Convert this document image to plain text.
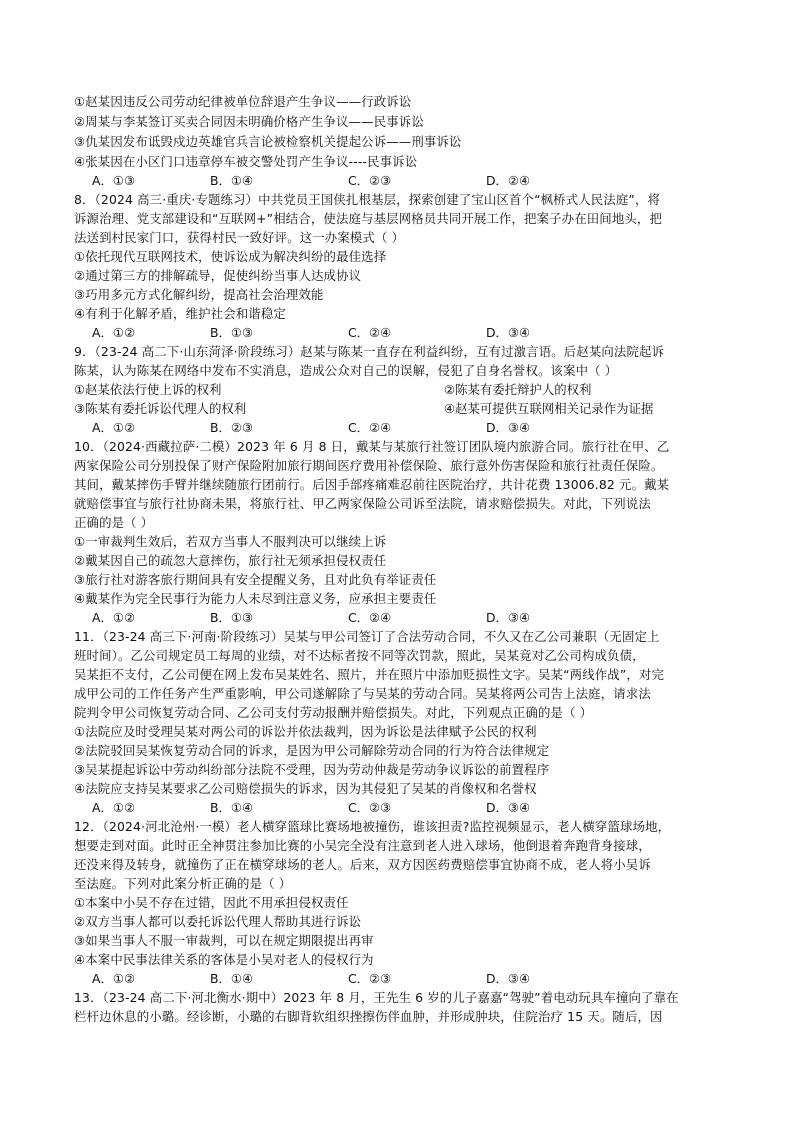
①赵某因违反公司劳动纪律被单位辞退产生争议——行政诉讼
②周某与李某签订买卖合同因未明确价格产生争议——民事诉讼
③仇某因发布诋毁戍边英雄官兵言论被检察机关提起公诉——刑事诉讼
④张某因在小区门口违章停车被交警处罚产生争议----民事诉讼
A．①③	B．①④	C．②③	D．②④
8．（2024 高三·重庆·专题练习）中共党员王国侠扎根基层，探索创建了宝山区首个“枫桥式人民法庭”，将
诉源治理、党支部建设和“互联网+”相结合，使法庭与基层网格员共同开展工作，把案子办在田间地头，把
法送到村民家门口，获得村民一致好评。这一办案模式（ ）
①依托现代互联网技术，使诉讼成为解决纠纷的最佳选择
②通过第三方的排解疏导，促使纠纷当事人达成协议
③巧用多元方式化解纠纷，提高社会治理效能
④有利于化解矛盾，维护社会和谐稳定
A．①②	B．①③	C．②④	D．③④
9．（23-24 高二下·山东菏泽·阶段练习）赵某与陈某一直存在利益纠纷，互有过激言语。后赵某向法院起诉
陈某，认为陈某在网络中发布不实消息，造成公众对自己的误解，侵犯了自身名誉权。该案中（ ）
①赵某依法行使上诉的权利	②陈某有委托辩护人的权利
③陈某有委托诉讼代理人的权利	④赵某可提供互联网相关记录作为证据
A．①②	B．②③	C．②④	D．③④
10．（2024·西藏拉萨·二模）2023 年 6 月 8 日，戴某与某旅行社签订团队境内旅游合同。旅行社在甲、乙
两家保险公司分别投保了财产保险附加旅行期间医疗费用补偿保险、旅行意外伤害保险和旅行社责任保险。
其间，戴某摔伤手臂并继续随旅行团前行。后因手部疼痛难忍前往医院治疗，共计花费 13006.82 元。戴某
就赔偿事宜与旅行社协商未果，将旅行社、甲乙两家保险公司诉至法院，请求赔偿损失。对此，下列说法
正确的是（ ）
①一审裁判生效后，若双方当事人不服判决可以继续上诉
②戴某因自己的疏忽大意摔伤，旅行社无须承担侵权责任
③旅行社对游客旅行期间具有安全提醒义务，且对此负有举证责任
④戴某作为完全民事行为能力人未尽到注意义务，应承担主要责任
A．①②	B．①③	C．②④	D．③④
11．（23-24 高三下·河南·阶段练习）吴某与甲公司签订了合法劳动合同，不久又在乙公司兼职（无固定上
班时间）。乙公司规定员工每周的业绩，对不达标者按不同等次罚款，照此，吴某竟对乙公司构成负债，
吴某拒不支付，乙公司便在网上发布吴某姓名、照片，并在照片中添加贬损性文字。吴某“两线作战”，对完
成甲公司的工作任务产生严重影响，甲公司遂解除了与吴某的劳动合同。吴某将两公司告上法庭，请求法
院判令甲公司恢复劳动合同、乙公司支付劳动报酬并赔偿损失。对此，下列观点正确的是（ ）
①法院应及时受理吴某对两公司的诉讼并依法裁判，因为诉讼是法律赋予公民的权利
②法院驳回吴某恢复劳动合同的诉求，是因为甲公司解除劳动合同的行为符合法律规定
③吴某提起诉讼中劳动纠纷部分法院不受理，因为劳动仲裁是劳动争议诉讼的前置程序
④法院应支持吴某要求乙公司赔偿损失的诉求，因为其侵犯了吴某的肖像权和名誉权
A．①②	B．①④	C．②③	D．③④
12．（2024·河北沧州·一模）老人横穿篮球比赛场地被撞伤，谁该担责?监控视频显示，老人横穿篮球场地，
想要走到对面。此时正全神贯注参加比赛的小吴完全没有注意到老人进入球场，他倒退着奔跑背身接球，
还没来得及转身，就撞伤了正在横穿球场的老人。后来，双方因医药费赔偿事宜协商不成，老人将小吴诉
至法庭。下列对此案分析正确的是（ ）
①本案中小吴不存在过错，因此不用承担侵权责任
②双方当事人都可以委托诉讼代理人帮助其进行诉讼
③如果当事人不服一审裁判，可以在规定期限提出再审
④本案中民事法律关系的客体是小吴对老人的侵权行为
A．①②	B．①④	C．②③	D．③④
13．（23-24 高二下·河北衡水·期中）2023 年 8 月，王先生 6 岁的儿子嘉嘉“驾驶”着电动玩具车撞向了靠在
栏杆边休息的小璐。经诊断，小璐的右脚背软组织挫擦伤伴血肿，并形成肿块，住院治疗 15 天。随后，因
